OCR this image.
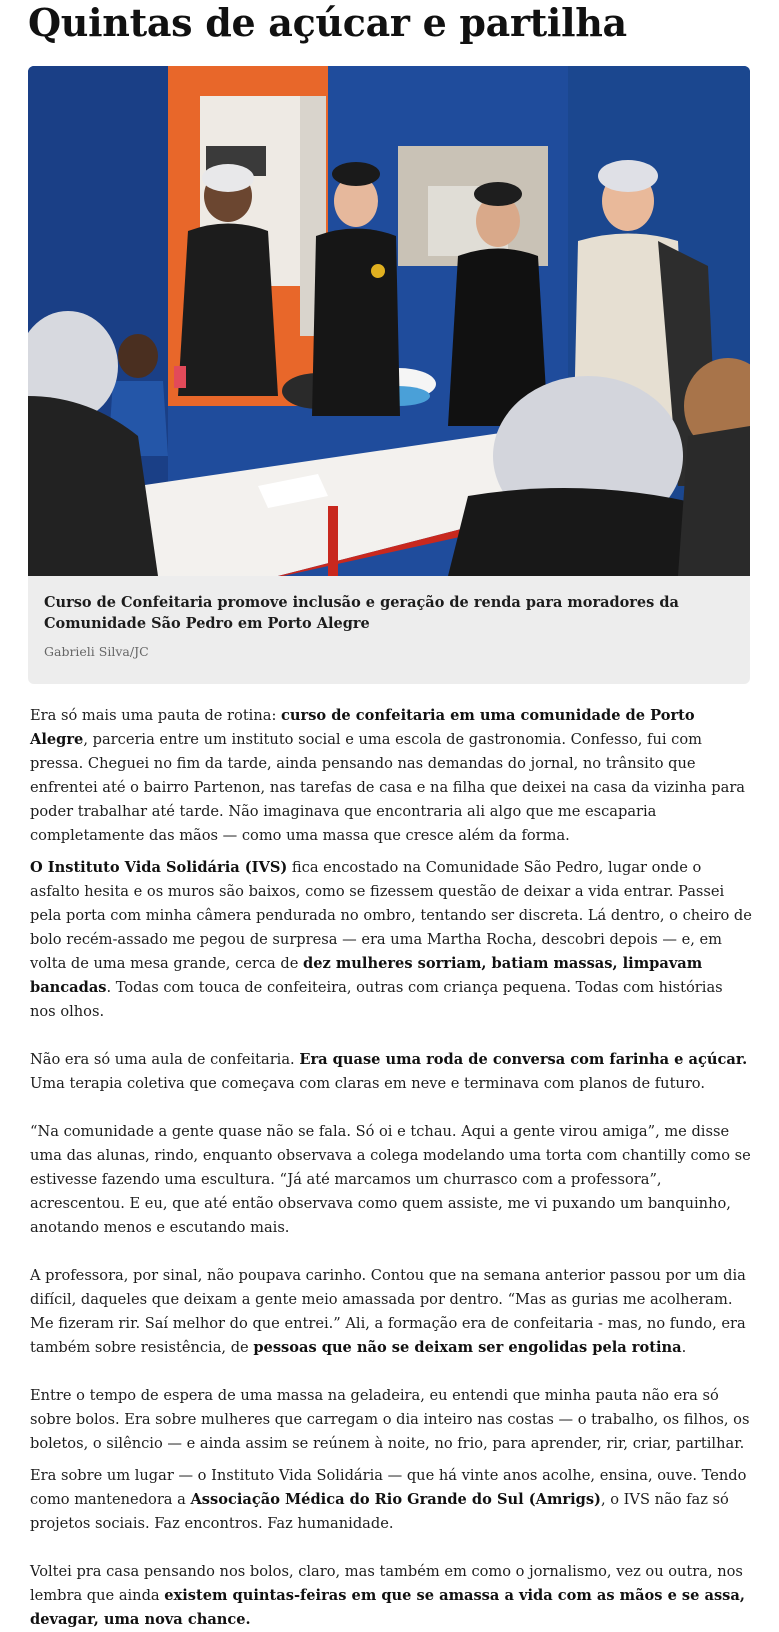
Quintas de açúcar e partilha
Curso de Confeitaria promove inclusão e geração de renda para moradores da Comunidade São Pedro em Porto Alegre
Gabrieli Silva/JC

Era só mais uma pauta de rotina: curso de confeitaria em uma comunidade de Porto Alegre, parceria entre um instituto social e uma escola de gastronomia. Confesso, fui com pressa. Cheguei no fim da tarde, ainda pensando nas demandas do jornal, no trânsito que enfrentei até o bairro Partenon, nas tarefas de casa e na filha que deixei na casa da vizinha para poder trabalhar até tarde. Não imaginava que encontraria ali algo que me escaparia completamente das mãos — como uma massa que cresce além da forma.

O Instituto Vida Solidária (IVS) fica encostado na Comunidade São Pedro, lugar onde o asfalto hesita e os muros são baixos, como se fizessem questão de deixar a vida entrar. Passei pela porta com minha câmera pendurada no ombro, tentando ser discreta. Lá dentro, o cheiro de bolo recém-assado me pegou de surpresa — era uma Martha Rocha, descobri depois — e, em volta de uma mesa grande, cerca de dez mulheres sorriam, batiam massas, limpavam bancadas. Todas com touca de confeiteira, outras com criança pequena. Todas com histórias nos olhos.

Não era só uma aula de confeitaria. Era quase uma roda de conversa com farinha e açúcar. Uma terapia coletiva que começava com claras em neve e terminava com planos de futuro.

“Na comunidade a gente quase não se fala. Só oi e tchau. Aqui a gente virou amiga”, me disse uma das alunas, rindo, enquanto observava a colega modelando uma torta com chantilly como se estivesse fazendo uma escultura. “Já até marcamos um churrasco com a professora”, acrescentou. E eu, que até então observava como quem assiste, me vi puxando um banquinho, anotando menos e escutando mais.

A professora, por sinal, não poupava carinho. Contou que na semana anterior passou por um dia difícil, daqueles que deixam a gente meio amassada por dentro. “Mas as gurias me acolheram. Me fizeram rir. Saí melhor do que entrei.” Ali, a formação era de confeitaria - mas, no fundo, era também sobre resistência, de pessoas que não se deixam ser engolidas pela rotina.

Entre o tempo de espera de uma massa na geladeira, eu entendi que minha pauta não era só sobre bolos. Era sobre mulheres que carregam o dia inteiro nas costas — o trabalho, os filhos, os boletos, o silêncio — e ainda assim se reúnem à noite, no frio, para aprender, rir, criar, partilhar.

Era sobre um lugar — o Instituto Vida Solidária — que há vinte anos acolhe, ensina, ouve. Tendo como mantenedora a Associação Médica do Rio Grande do Sul (Amrigs), o IVS não faz só projetos sociais. Faz encontros. Faz humanidade.

Voltei pra casa pensando nos bolos, claro, mas também em como o jornalismo, vez ou outra, nos lembra que ainda existem quintas-feiras em que se amassa a vida com as mãos e se assa, devagar, uma nova chance.
